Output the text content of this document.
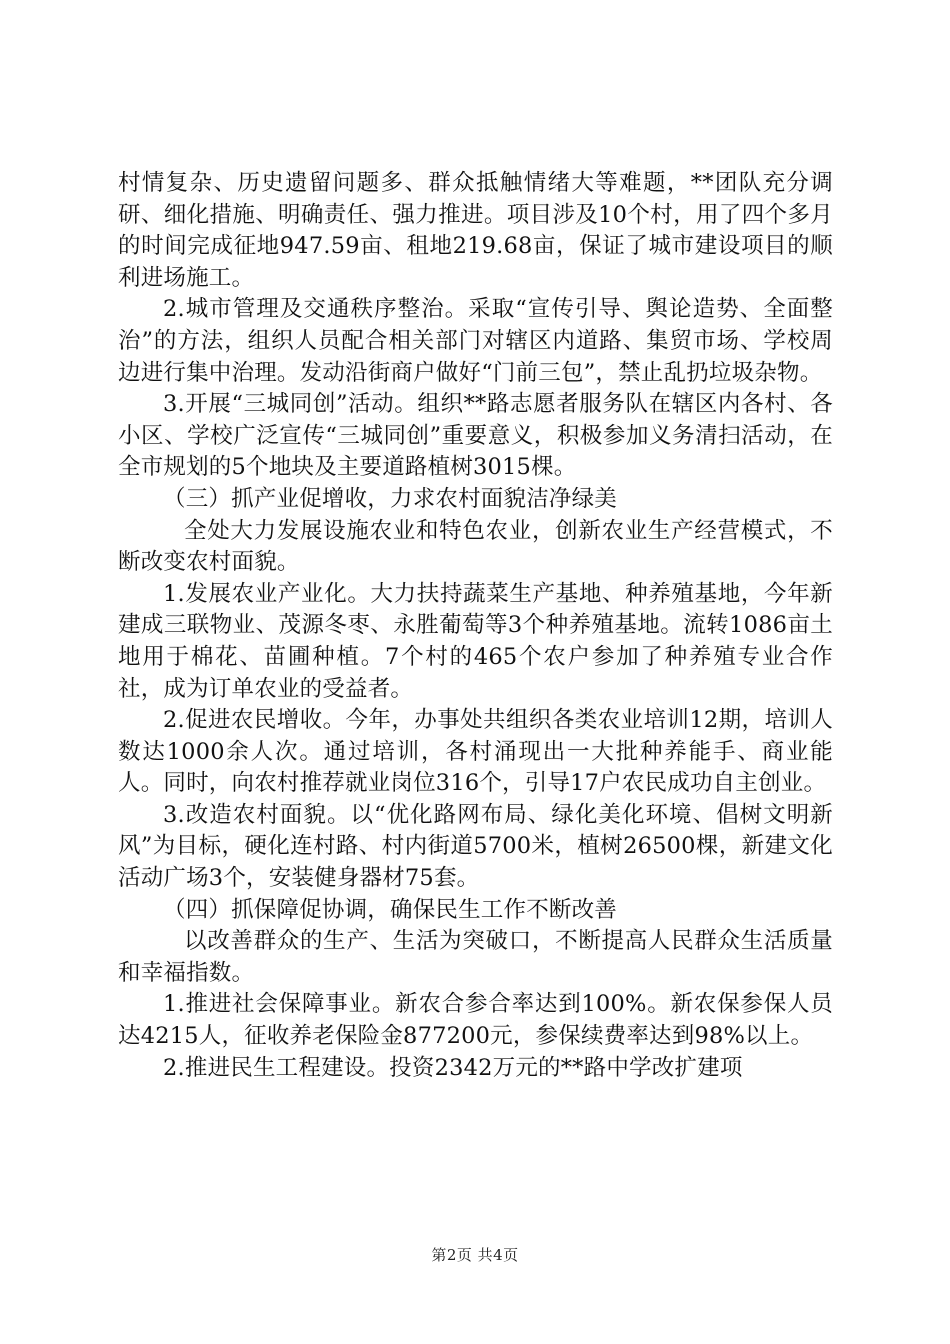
村情复杂、历史遗留问题多、群众抵触情绪大等难题，**团队充分调研、细化措施、明确责任、强力推进。项目涉及10个村，用了四个多月的时间完成征地947.59亩、租地219.68亩，保证了城市建设项目的顺利进场施工。

2.城市管理及交通秩序整治。采取“宣传引导、舆论造势、全面整治”的方法，组织人员配合相关部门对辖区内道路、集贸市场、学校周边进行集中治理。发动沿街商户做好“门前三包”，禁止乱扔垃圾杂物。

3.开展“三城同创”活动。组织**路志愿者服务队在辖区内各村、各小区、学校广泛宣传“三城同创”重要意义，积极参加义务清扫活动，在全市规划的5个地块及主要道路植树3015棵。

（三）抓产业促增收，力求农村面貌洁净绿美

全处大力发展设施农业和特色农业，创新农业生产经营模式，不断改变农村面貌。

1.发展农业产业化。大力扶持蔬菜生产基地、种养殖基地，今年新建成三联物业、茂源冬枣、永胜葡萄等3个种养殖基地。流转1086亩土地用于棉花、苗圃种植。7个村的465个农户参加了种养殖专业合作社，成为订单农业的受益者。

2.促进农民增收。今年，办事处共组织各类农业培训12期，培训人数达1000余人次。通过培训，各村涌现出一大批种养能手、商业能人。同时，向农村推荐就业岗位316个，引导17户农民成功自主创业。

3.改造农村面貌。以“优化路网布局、绿化美化环境、倡树文明新风”为目标，硬化连村路、村内街道5700米，植树26500棵，新建文化活动广场3个，安装健身器材75套。

（四）抓保障促协调，确保民生工作不断改善

以改善群众的生产、生活为突破口，不断提高人民群众生活质量和幸福指数。

1.推进社会保障事业。新农合参合率达到100%。新农保参保人员达4215人，征收养老保险金877200元，参保续费率达到98%以上。

2.推进民生工程建设。投资2342万元的**路中学改扩建项

第2页 共4页
